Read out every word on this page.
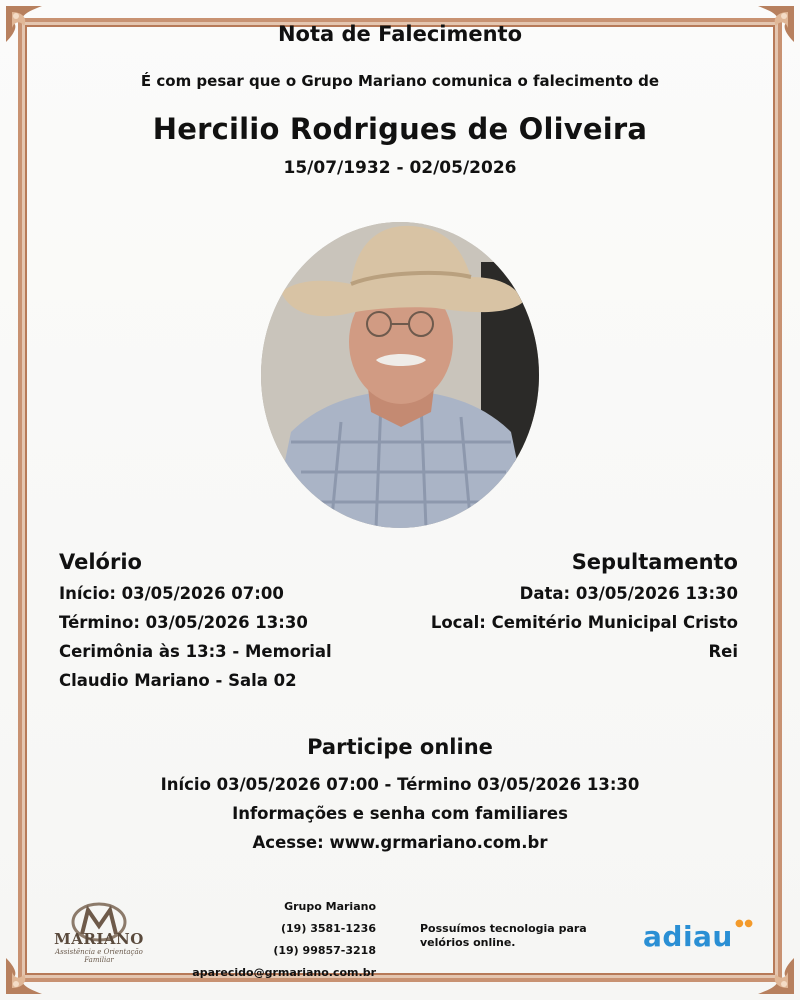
Nota de Falecimento
É com pesar que o Grupo Mariano comunica o falecimento de
Hercilio Rodrigues de Oliveira
15/07/1932 - 02/05/2026
Velório
Início: 03/05/2026 07:00
Término: 03/05/2026 13:30
Cerimônia às 13:3 - Memorial
Claudio Mariano - Sala 02
Sepultamento
Data: 03/05/2026 13:30
Local: Cemitério Municipal Cristo
Rei
Participe online
Início 03/05/2026 07:00 - Término 03/05/2026 13:30
Informações e senha com familiares
Acesse: www.grmariano.com.br
MARIANO
Assistência e Orientação Familiar
Grupo Mariano
(19) 3581-1236
(19) 99857-3218
aparecido@grmariano.com.br
Possuímos tecnologia para
velórios online.	adiau ●●
